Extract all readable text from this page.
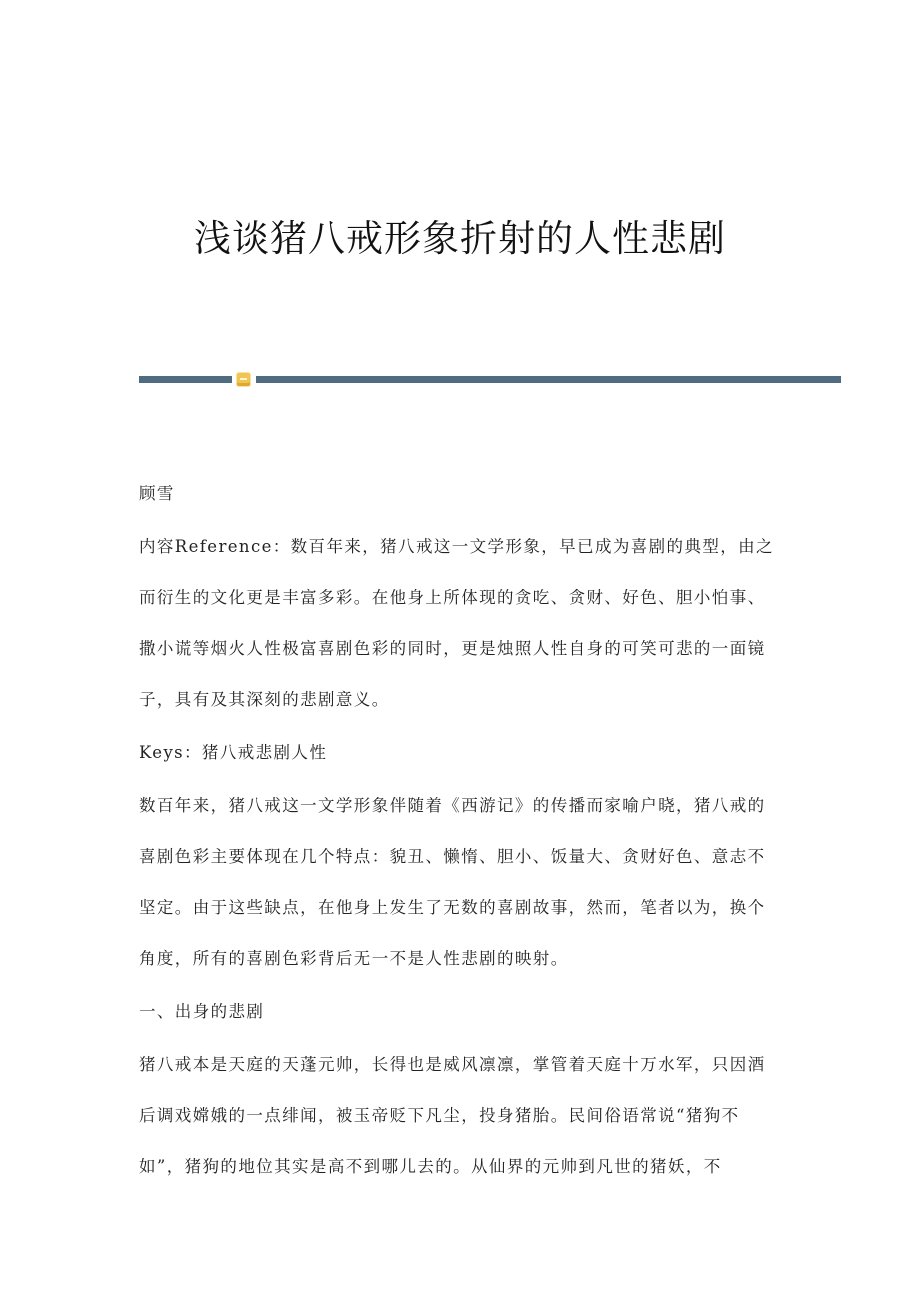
浅谈猪八戒形象折射的人性悲剧

顾雪

内容Reference：数百年来，猪八戒这一文学形象，早已成为喜剧的典型，由之而衍生的文化更是丰富多彩。在他身上所体现的贪吃、贪财、好色、胆小怕事、撒小谎等烟火人性极富喜剧色彩的同时，更是烛照人性自身的可笑可悲的一面镜子，具有及其深刻的悲剧意义。

Keys：猪八戒悲剧人性

数百年来，猪八戒这一文学形象伴随着《西游记》的传播而家喻户晓，猪八戒的喜剧色彩主要体现在几个特点：貌丑、懒惰、胆小、饭量大、贪财好色、意志不坚定。由于这些缺点，在他身上发生了无数的喜剧故事，然而，笔者以为，换个角度，所有的喜剧色彩背后无一不是人性悲剧的映射。

一、出身的悲剧

猪八戒本是天庭的天蓬元帅，长得也是威风凛凛，掌管着天庭十万水军，只因酒后调戏嫦娥的一点绯闻，被玉帝贬下凡尘，投身猪胎。民间俗语常说“猪狗不如”，猪狗的地位其实是高不到哪儿去的。从仙界的元帅到凡世的猪妖，不
